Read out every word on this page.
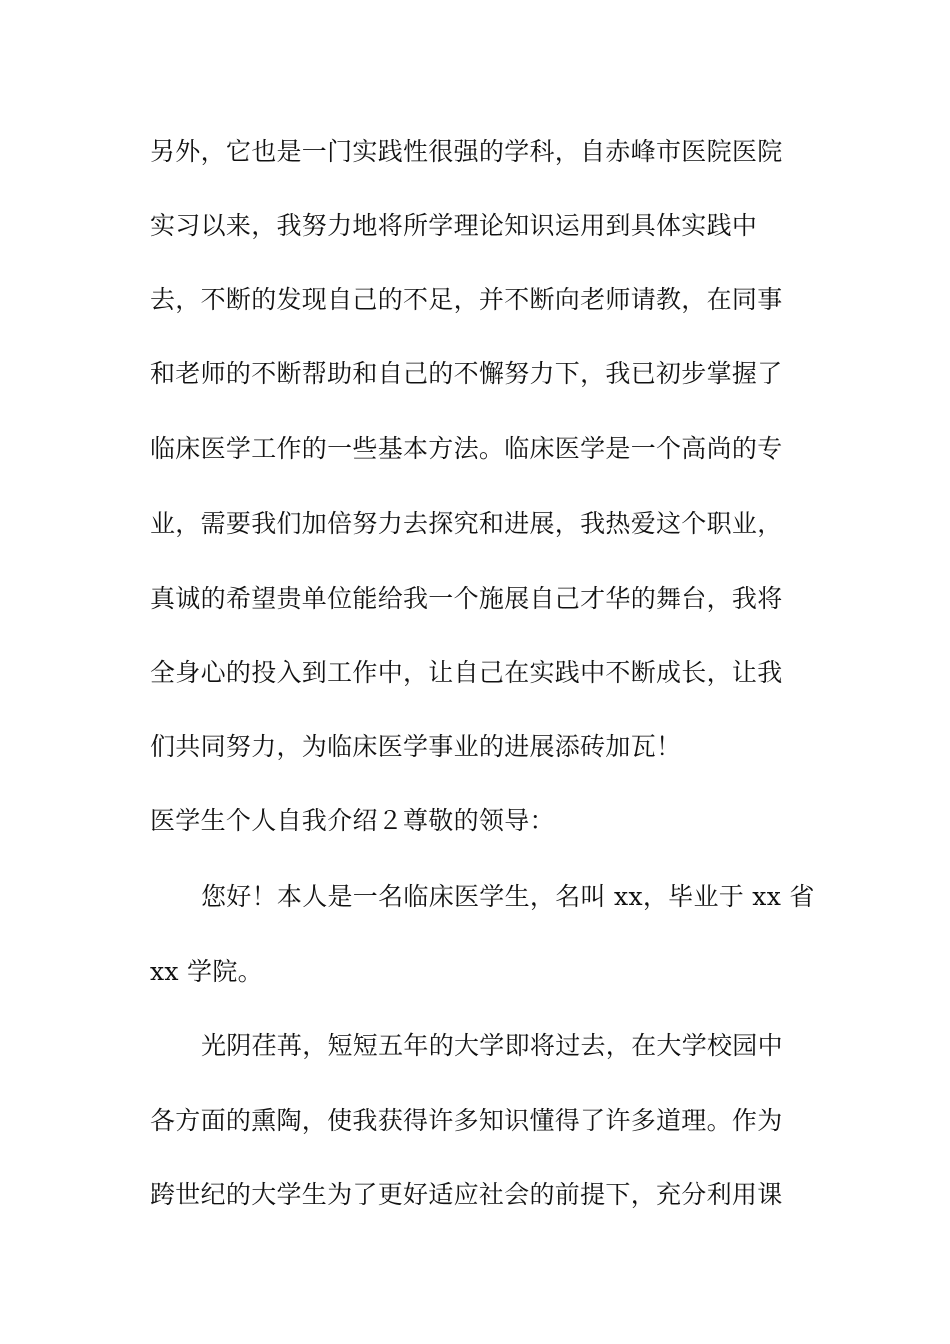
另外，它也是一门实践性很强的学科，自赤峰市医院医院
实习以来，我努力地将所学理论知识运用到具体实践中
去，不断的发现自己的不足，并不断向老师请教，在同事
和老师的不断帮助和自己的不懈努力下，我已初步掌握了
临床医学工作的一些基本方法。临床医学是一个高尚的专
业，需要我们加倍努力去探究和进展，我热爱这个职业，
真诚的希望贵单位能给我一个施展自己才华的舞台，我将
全身心的投入到工作中，让自己在实践中不断成长，让我
们共同努力，为临床医学事业的进展添砖加瓦！
医学生个人自我介绍２尊敬的领导：
您好！本人是一名临床医学生，名叫 xx，毕业于 xx 省
xx 学院。
光阴荏苒，短短五年的大学即将过去，在大学校园中
各方面的熏陶，使我获得许多知识懂得了许多道理。作为
跨世纪的大学生为了更好适应社会的前提下，充分利用课
